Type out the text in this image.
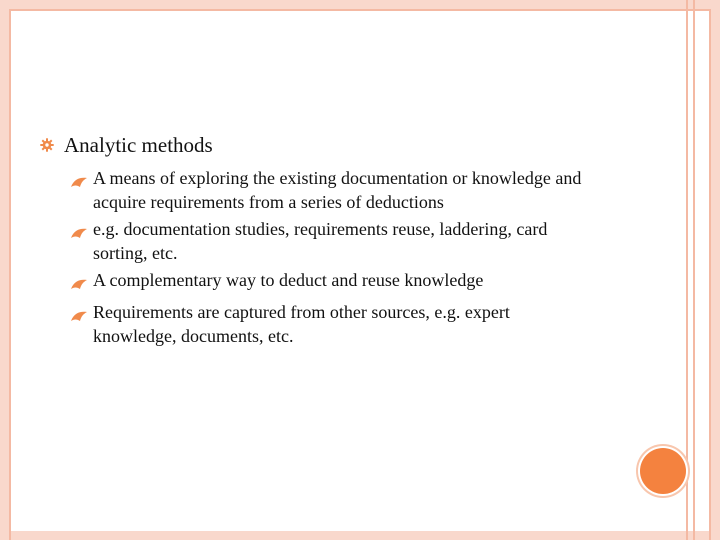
Analytic methods
A means of exploring the existing documentation or knowledge and acquire requirements from a series of deductions
e.g. documentation studies, requirements reuse, laddering, card sorting, etc.
A complementary way to deduct and reuse knowledge
Requirements are captured from other sources, e.g. expert knowledge, documents, etc.
